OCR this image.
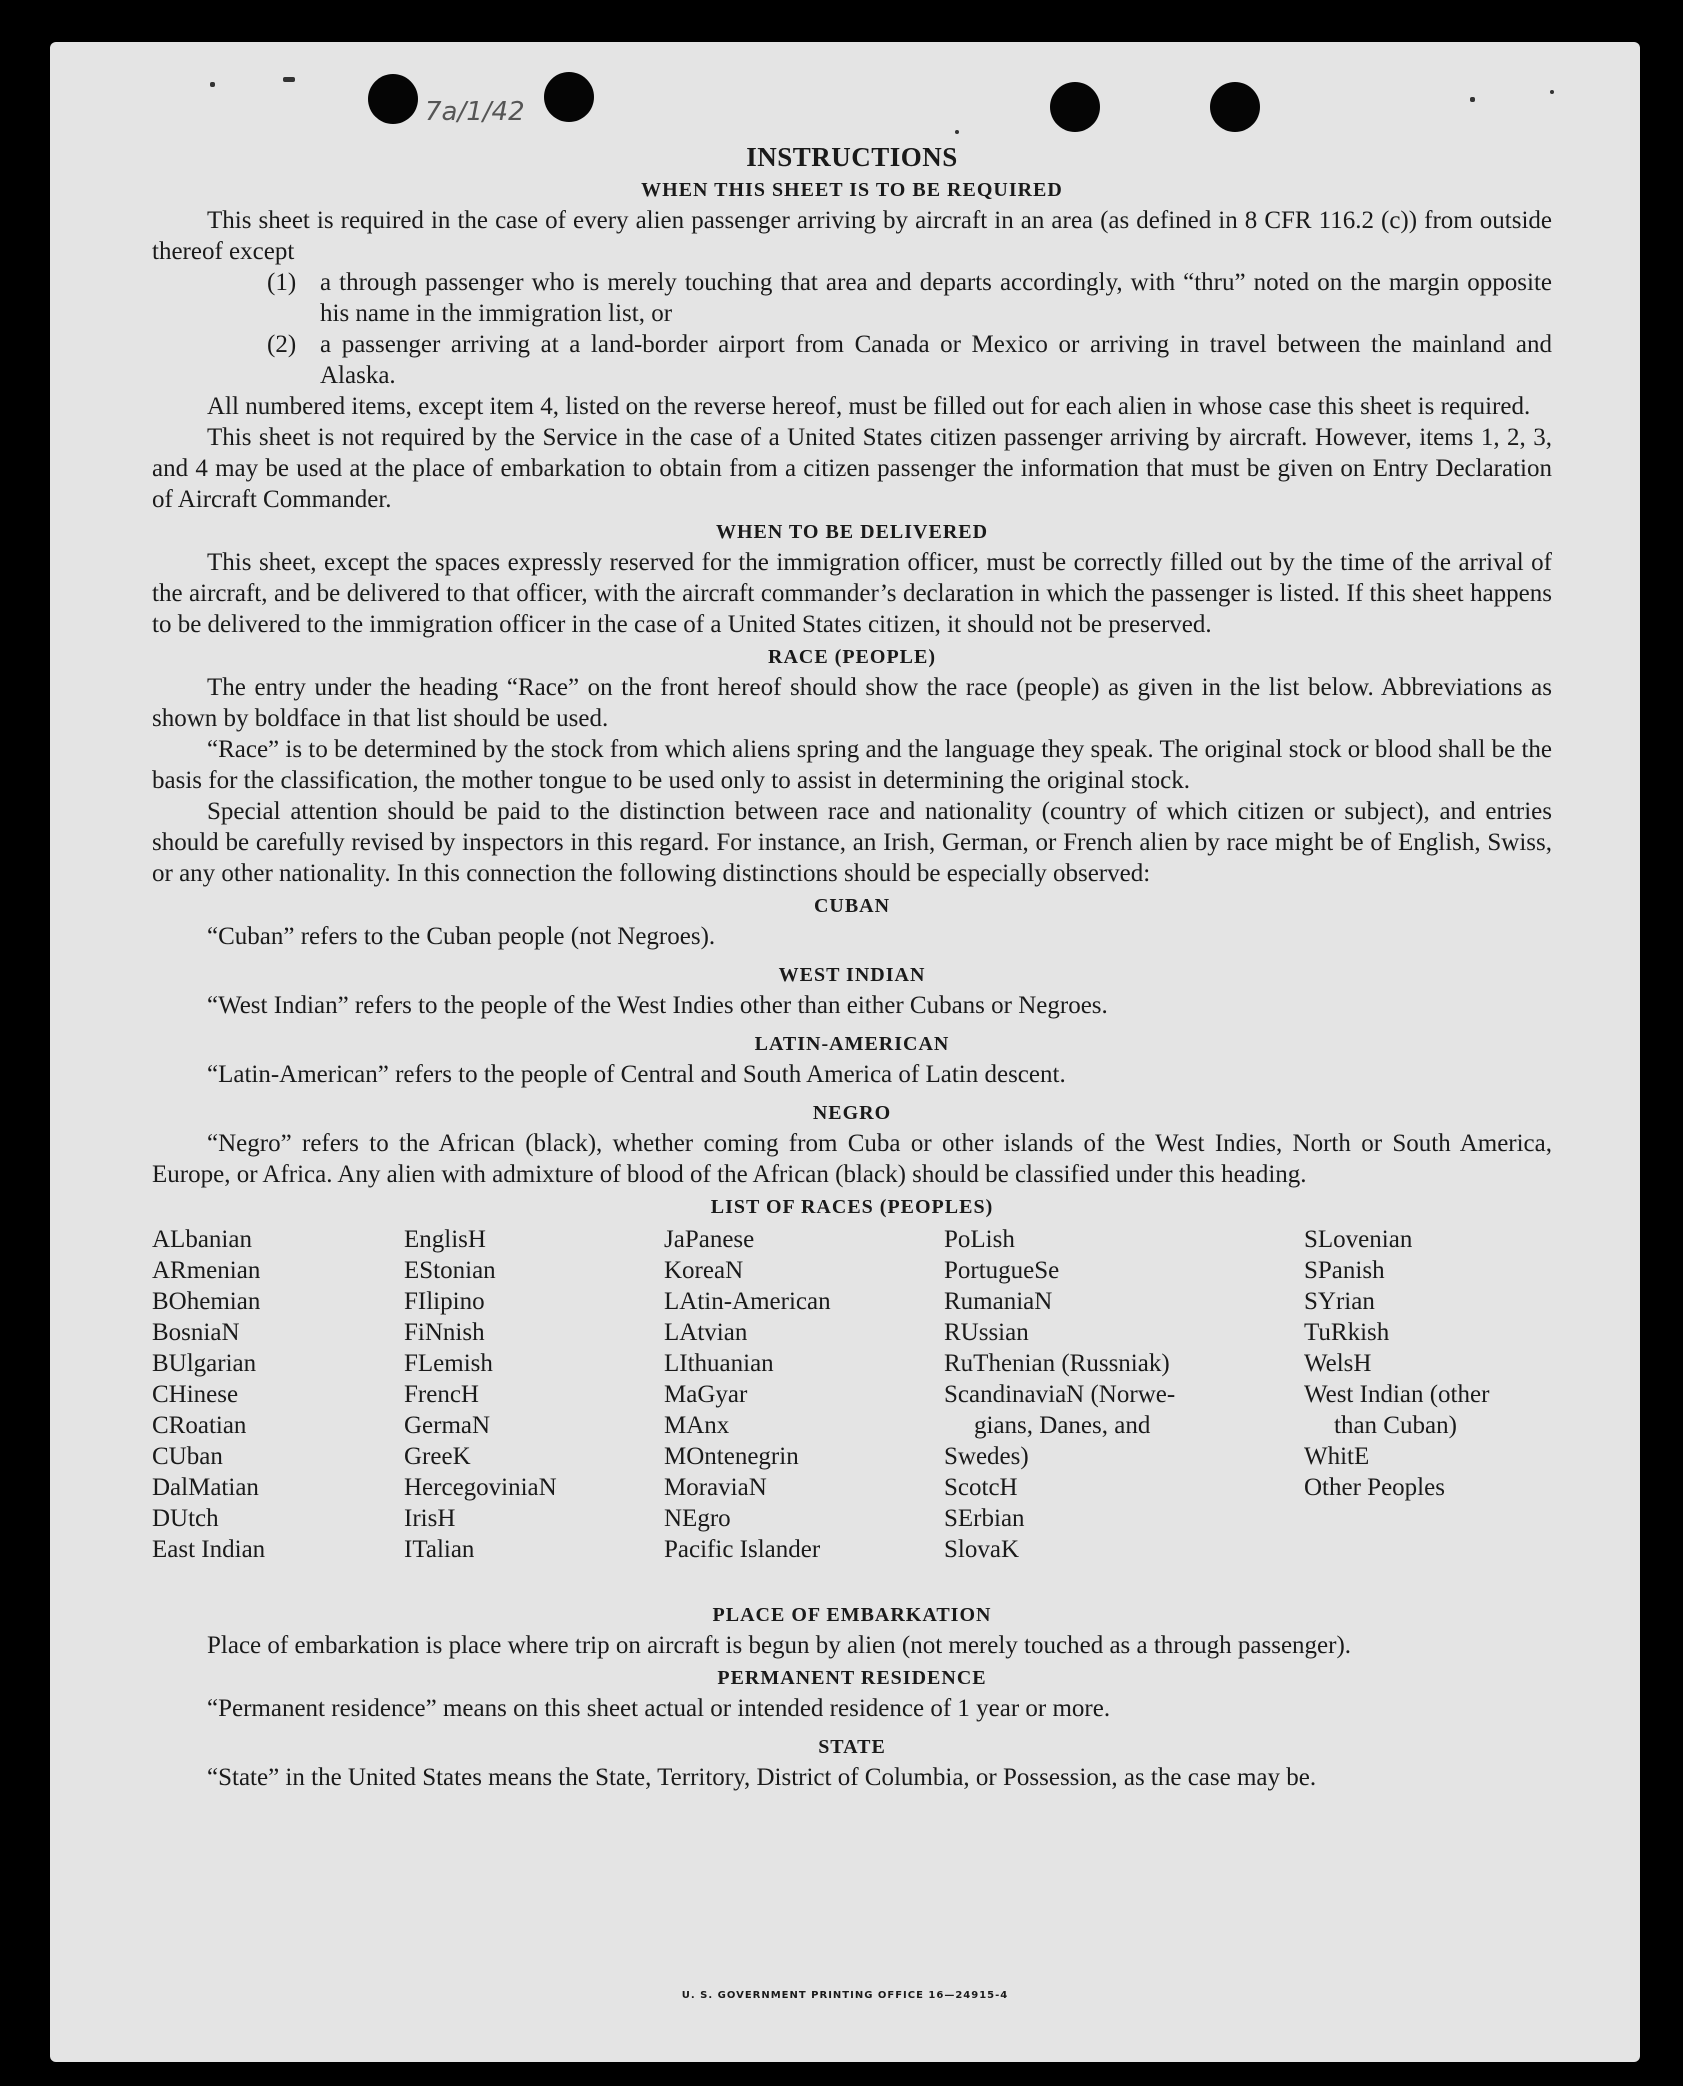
7a/1/42
INSTRUCTIONS
WHEN THIS SHEET IS TO BE REQUIRED

This sheet is required in the case of every alien passenger arriving by aircraft in an area (as defined in 8 CFR 116.2 (c)) from outside thereof except

(1) a through passenger who is merely touching that area and departs accordingly, with “thru” noted on the margin opposite his name in the immigration list, or
(2) a passenger arriving at a land-border airport from Canada or Mexico or arriving in travel between the mainland and Alaska.

All numbered items, except item 4, listed on the reverse hereof, must be filled out for each alien in whose case this sheet is required.

This sheet is not required by the Service in the case of a United States citizen passenger arriving by aircraft. However, items 1, 2, 3, and 4 may be used at the place of embarkation to obtain from a citizen passenger the information that must be given on Entry Declaration of Aircraft Commander.

WHEN TO BE DELIVERED

This sheet, except the spaces expressly reserved for the immigration officer, must be correctly filled out by the time of the arrival of the aircraft, and be delivered to that officer, with the aircraft commander’s declaration in which the passenger is listed. If this sheet happens to be delivered to the immigration officer in the case of a United States citizen, it should not be preserved.

RACE (PEOPLE)

The entry under the heading “Race” on the front hereof should show the race (people) as given in the list below. Abbreviations as shown by boldface in that list should be used.

“Race” is to be determined by the stock from which aliens spring and the language they speak. The original stock or blood shall be the basis for the classification, the mother tongue to be used only to assist in determining the original stock.

Special attention should be paid to the distinction between race and nationality (country of which citizen or subject), and entries should be carefully revised by inspectors in this regard. For instance, an Irish, German, or French alien by race might be of English, Swiss, or any other nationality. In this connection the following distinctions should be especially observed:

CUBAN

“Cuban” refers to the Cuban people (not Negroes).

WEST INDIAN

“West Indian” refers to the people of the West Indies other than either Cubans or Negroes.

LATIN-AMERICAN

“Latin-American” refers to the people of Central and South America of Latin descent.

NEGRO

“Negro” refers to the African (black), whether coming from Cuba or other islands of the West Indies, North or South America, Europe, or Africa. Any alien with admixture of blood of the African (black) should be classified under this heading.

LIST OF RACES (PEOPLES)
ALbanian
ARmenian
BOhemian
BosniaN
BUlgarian
CHinese
CRoatian
CUban
DalMatian
DUtch
East Indian
EnglisH
EStonian
FIlipino
FiNnish
FLemish
FrencH
GermaN
GreeK
HercegoviniaN
IrisH
ITalian
JaPanese
KoreaN
LAtin-American
LAtvian
LIthuanian
MaGyar
MAnx
MOntenegrin
MoraviaN
NEgro
Pacific Islander
PoLish
PortugueSe
RumaniaN
RUssian
RuThenian (Russniak)
ScandinaviaN (Norwe-
gians, Danes, and
Swedes)
ScotcH
SErbian
SlovaK
SLovenian
SPanish
SYrian
TuRkish
WelsH
West Indian (other
than Cuban)
WhitE
Other Peoples
PLACE OF EMBARKATION

Place of embarkation is place where trip on aircraft is begun by alien (not merely touched as a through passenger).

PERMANENT RESIDENCE

“Permanent residence” means on this sheet actual or intended residence of 1 year or more.

STATE

“State” in the United States means the State, Territory, District of Columbia, or Possession, as the case may be.

U. S. GOVERNMENT PRINTING OFFICE 16—24915-4
